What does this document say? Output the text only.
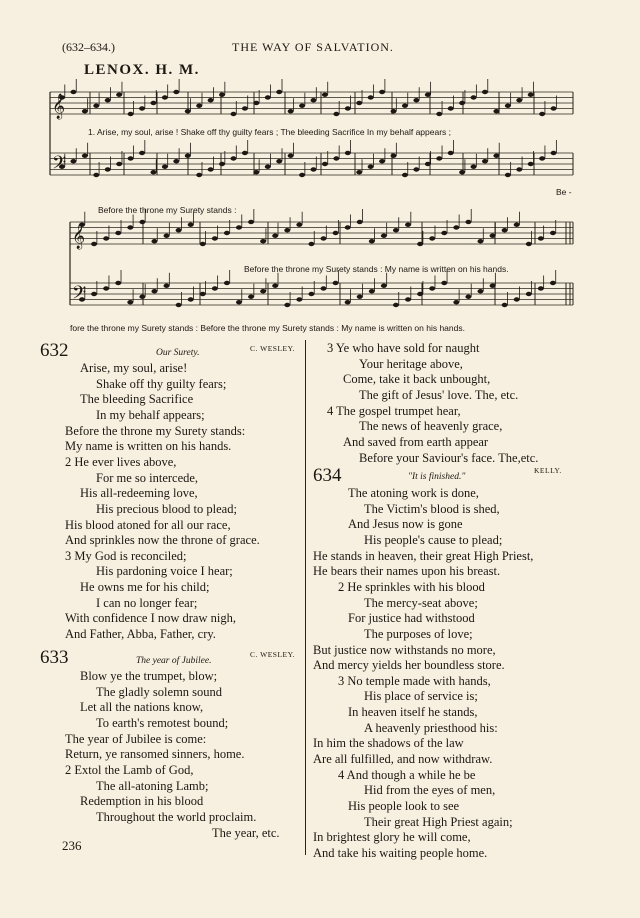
(632–634.)	THE WAY OF SALVATION.
LENOX. H. M.
𝄞
𝄢
𝄞
𝄢
1. Arise, my soul, arise ! Shake off thy guilty fears ; The bleeding Sacrifice In my behalf appears ;
Be -
Before the throne my Surety stands :
Before the throne my Surety stands : My name is written on his hands.
fore the throne my Surety stands : Before the throne my Surety stands : My name is written on his hands.
632	Our Surety.	C. WESLEY.
Arise, my soul, arise!
Shake off thy guilty fears;
The bleeding Sacrifice
In my behalf appears;
Before the throne my Surety stands:
My name is written on his hands.
2 He ever lives above,
For me so intercede,
His all-redeeming love,
His precious blood to plead;
His blood atoned for all our race,
And sprinkles now the throne of grace.
3 My God is reconciled;
His pardoning voice I hear;
He owns me for his child;
I can no longer fear;
With confidence I now draw nigh,
And Father, Abba, Father, cry.
633	The year of Jubilee.
C. WESLEY.
Blow ye the trumpet, blow;
The gladly solemn sound
Let all the nations know,
To earth's remotest bound;
The year of Jubilee is come:
Return, ye ransomed sinners, home.
2 Extol the Lamb of God,
The all-atoning Lamb;
Redemption in his blood
Throughout the world proclaim.
The year, etc.
236
3 Ye who have sold for naught
Your heritage above,
Come, take it back unbought,
The gift of Jesus' love. The, etc.
4 The gospel trumpet hear,
The news of heavenly grace,
And saved from earth appear
Before your Saviour's face. The,etc.
634	"It is finished."
KELLY.
The atoning work is done,
The Victim's blood is shed,
And Jesus now is gone
His people's cause to plead;
He stands in heaven, their great High Priest,
He bears their names upon his breast.
2 He sprinkles with his blood
The mercy-seat above;
For justice had withstood
The purposes of love;
But justice now withstands no more,
And mercy yields her boundless store.
3 No temple made with hands,
His place of service is;
In heaven itself he stands,
A heavenly priesthood his:
In him the shadows of the law
Are all fulfilled, and now withdraw.
4 And though a while he be
Hid from the eyes of men,
His people look to see
Their great High Priest again;
In brightest glory he will come,
And take his waiting people home.
